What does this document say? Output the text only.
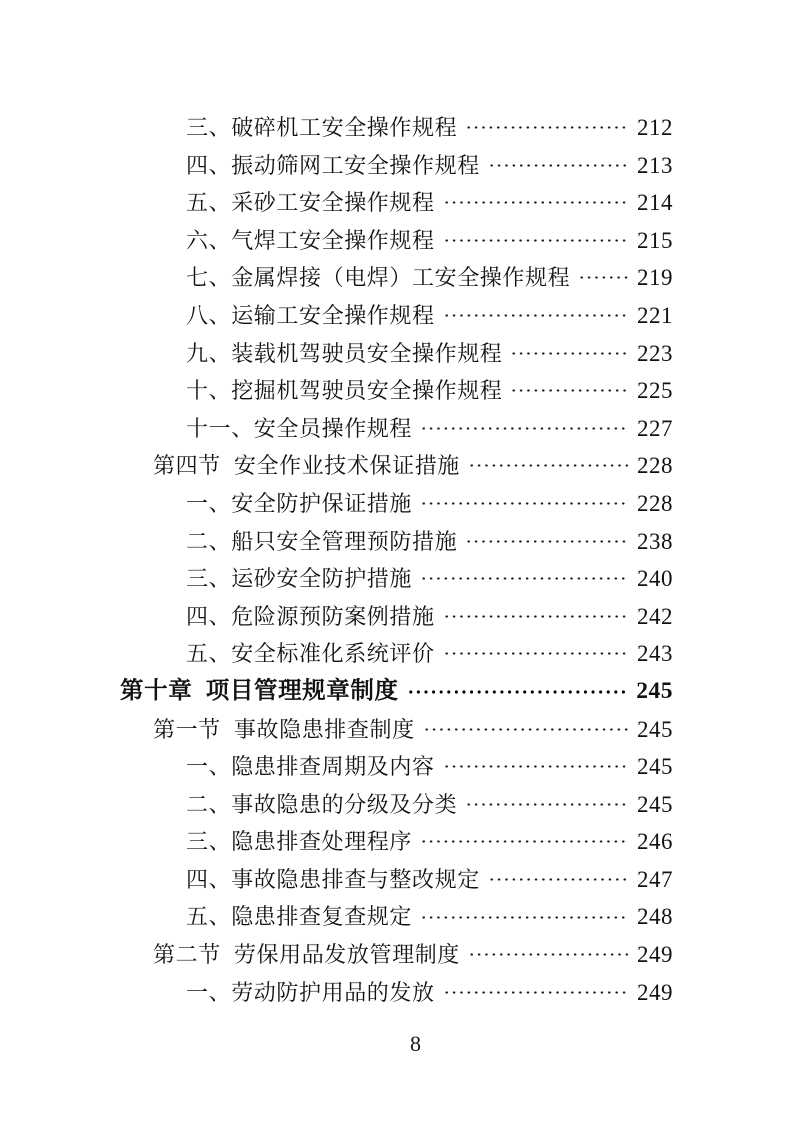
三、破碎机工安全操作规程	212
四、振动筛网工安全操作规程	213
五、采砂工安全操作规程	214
六、气焊工安全操作规程	215
七、金属焊接（电焊）工安全操作规程	219
八、运输工安全操作规程	221
九、装载机驾驶员安全操作规程	223
十、挖掘机驾驶员安全操作规程	225
十一、安全员操作规程	227
第四节 安全作业技术保证措施	228
一、安全防护保证措施	228
二、船只安全管理预防措施	238
三、运砂安全防护措施	240
四、危险源预防案例措施	242
五、安全标准化系统评价	243
第十章 项目管理规章制度	245
第一节 事故隐患排查制度	245
一、隐患排查周期及内容	245
二、事故隐患的分级及分类	245
三、隐患排查处理程序	246
四、事故隐患排查与整改规定	247
五、隐患排查复查规定	248
第二节 劳保用品发放管理制度	249
一、劳动防护用品的发放	249
8
